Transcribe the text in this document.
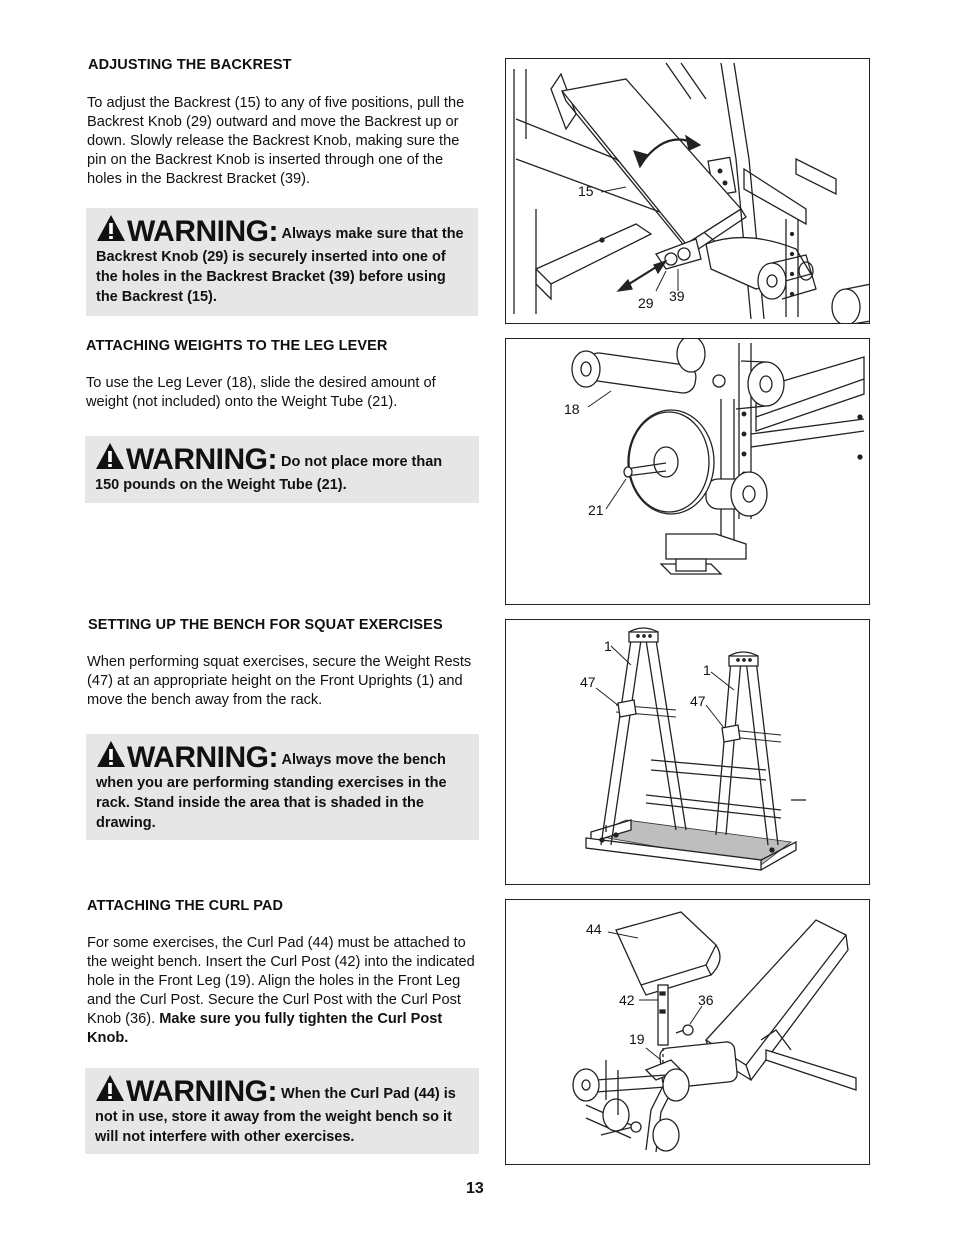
ADJUSTING THE BACKREST
To adjust the Backrest (15) to any of five positions, pull the Backrest Knob (29) outward and move the Backrest up or down. Slowly release the Backrest Knob, making sure the pin on the Backrest Knob is inserted through one of the holes in the Backrest Bracket (39).
WARNING: Always make sure that the Backrest Knob (29) is securely inserted into one of the holes in the Backrest Bracket (39) before using the Backrest (15).
ATTACHING WEIGHTS TO THE LEG LEVER
To use the Leg Lever (18), slide the desired amount of weight (not included) onto the Weight Tube (21).
WARNING: Do not place more than 150 pounds on the Weight Tube (21).
SETTING UP THE BENCH FOR SQUAT EXERCISES
When performing squat exercises, secure the Weight Rests (47) at an appropriate height on the Front Uprights (1) and move the bench away from the rack.
WARNING: Always move the bench when you are performing standing exercises in the rack. Stand inside the area that is shaded in the drawing.
ATTACHING THE CURL PAD
For some exercises, the Curl Pad (44) must be attached to the weight bench. Insert the Curl Post (42) into the indicated hole in the Front Leg (19). Align the holes in the Front Leg and the Curl Post. Secure the Curl Post with the Curl Post Knob (36). Make sure you fully tighten the Curl Post Knob.
WARNING: When the Curl Pad (44) is not in use, store it away from the weight bench so it will not interfere with other exercises.
15
29 39
18
21
1
47
1
47
44
42	36
19
13
